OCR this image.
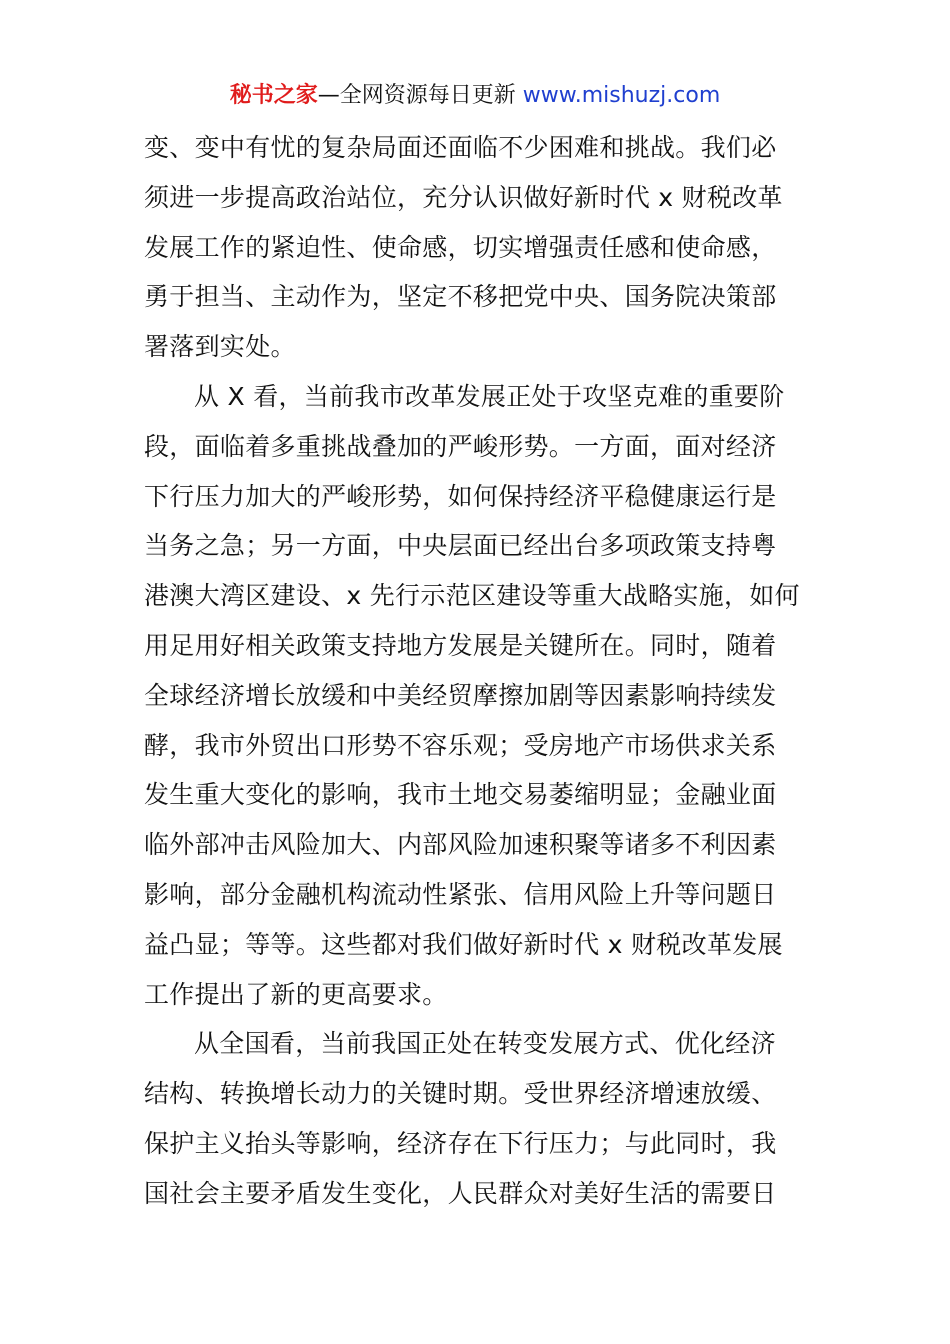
秘书之家—全网资源每日更新 www.mishuzj.com
变、变中有忧的复杂局面还面临不少困难和挑战。我们必
须进一步提高政治站位，充分认识做好新时代 x 财税改革
发展工作的紧迫性、使命感，切实增强责任感和使命感，
勇于担当、主动作为，坚定不移把党中央、国务院决策部
署落到实处。
从 X 看，当前我市改革发展正处于攻坚克难的重要阶
段，面临着多重挑战叠加的严峻形势。一方面，面对经济
下行压力加大的严峻形势，如何保持经济平稳健康运行是
当务之急；另一方面，中央层面已经出台多项政策支持粤
港澳大湾区建设、x 先行示范区建设等重大战略实施，如何
用足用好相关政策支持地方发展是关键所在。同时，随着
全球经济增长放缓和中美经贸摩擦加剧等因素影响持续发
酵，我市外贸出口形势不容乐观；受房地产市场供求关系
发生重大变化的影响，我市土地交易萎缩明显；金融业面
临外部冲击风险加大、内部风险加速积聚等诸多不利因素
影响，部分金融机构流动性紧张、信用风险上升等问题日
益凸显；等等。这些都对我们做好新时代 x 财税改革发展
工作提出了新的更高要求。
从全国看，当前我国正处在转变发展方式、优化经济
结构、转换增长动力的关键时期。受世界经济增速放缓、
保护主义抬头等影响，经济存在下行压力；与此同时，我
国社会主要矛盾发生变化，人民群众对美好生活的需要日
